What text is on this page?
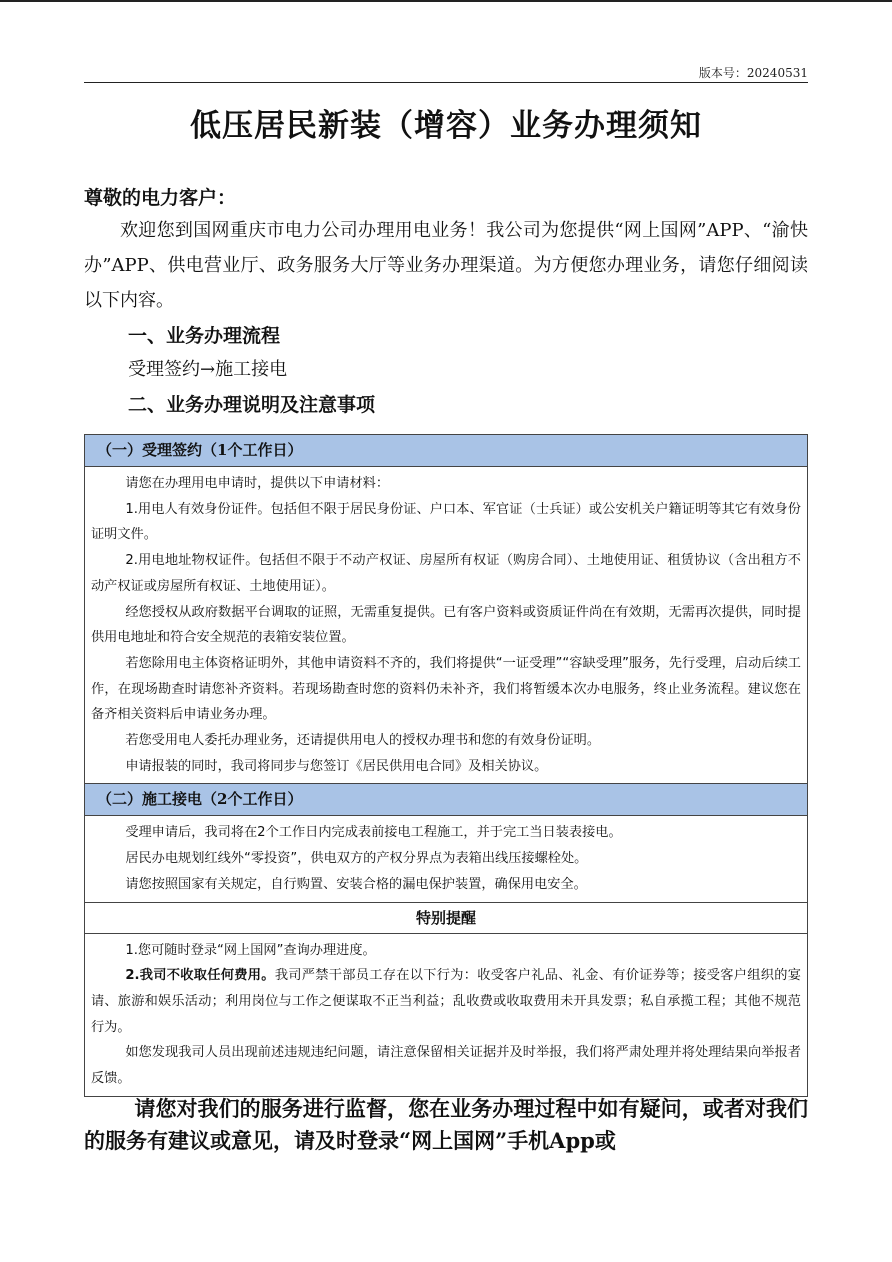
版本号：20240531
低压居民新装（增容）业务办理须知
尊敬的电力客户：
欢迎您到国网重庆市电力公司办理用电业务！我公司为您提供“网上国网”APP、“渝快办”APP、供电营业厅、政务服务大厅等业务办理渠道。为方便您办理业务，请您仔细阅读以下内容。
一、业务办理流程
受理签约→施工接电
二、业务办理说明及注意事项
（一）受理签约（1个工作日）

请您在办理用电申请时，提供以下申请材料：

1.用电人有效身份证件。包括但不限于居民身份证、户口本、军官证（士兵证）或公安机关户籍证明等其它有效身份证明文件。

2.用电地址物权证件。包括但不限于不动产权证、房屋所有权证（购房合同）、土地使用证、租赁协议（含出租方不动产权证或房屋所有权证、土地使用证）。

经您授权从政府数据平台调取的证照，无需重复提供。已有客户资料或资质证件尚在有效期，无需再次提供，同时提供用电地址和符合安全规范的表箱安装位置。

若您除用电主体资格证明外，其他申请资料不齐的，我们将提供“一证受理”“容缺受理”服务，先行受理，启动后续工作，在现场勘查时请您补齐资料。若现场勘查时您的资料仍未补齐，我们将暂缓本次办电服务，终止业务流程。建议您在备齐相关资料后申请业务办理。

若您受用电人委托办理业务，还请提供用电人的授权办理书和您的有效身份证明。

申请报装的同时，我司将同步与您签订《居民供用电合同》及相关协议。

（二）施工接电（2个工作日）

受理申请后，我司将在2个工作日内完成表前接电工程施工，并于完工当日装表接电。

居民办电规划红线外“零投资”，供电双方的产权分界点为表箱出线压接螺栓处。

请您按照国家有关规定，自行购置、安装合格的漏电保护装置，确保用电安全。

特别提醒

1.您可随时登录“网上国网”查询办理进度。

2.我司不收取任何费用。我司严禁干部员工存在以下行为：收受客户礼品、礼金、有价证券等；接受客户组织的宴请、旅游和娱乐活动；利用岗位与工作之便谋取不正当利益；乱收费或收取费用未开具发票；私自承揽工程；其他不规范行为。

如您发现我司人员出现前述违规违纪问题，请注意保留相关证据并及时举报，我们将严肃处理并将处理结果向举报者反馈。

请您对我们的服务进行监督，您在业务办理过程中如有疑问，或者对我们的服务有建议或意见，请及时登录“网上国网”手机App或
